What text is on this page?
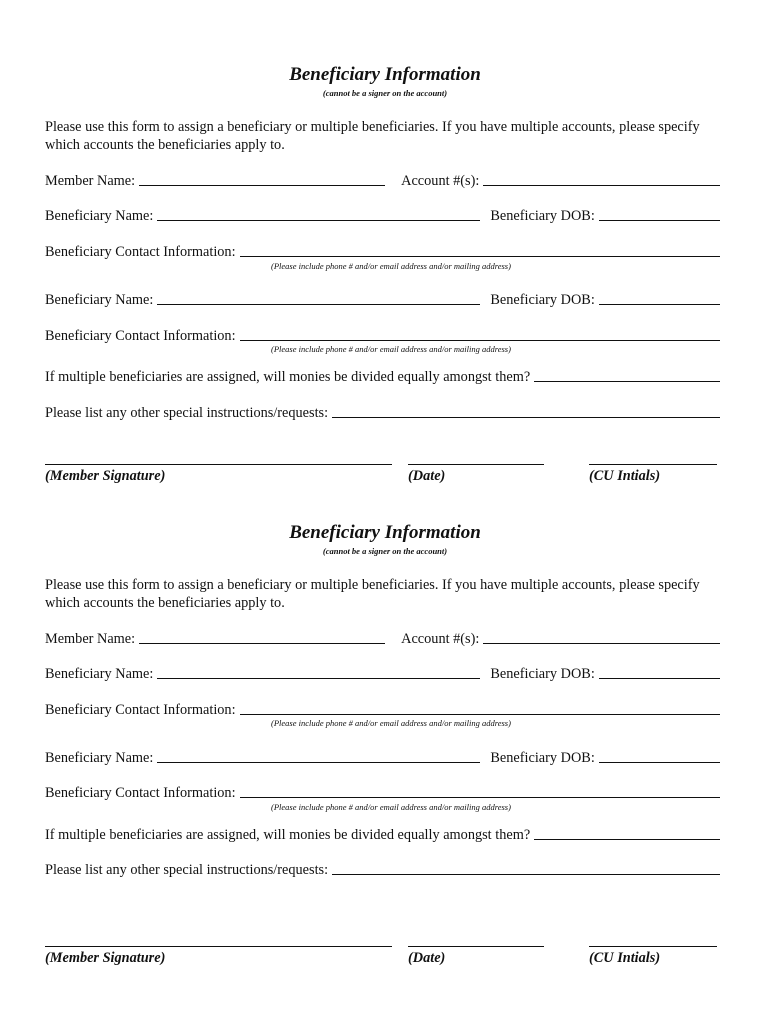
Beneficiary Information
(cannot be a signer on the account)
Please use this form to assign a beneficiary or multiple beneficiaries. If you have multiple accounts, please specify which accounts the beneficiaries apply to.
Member Name:	Account #(s):
Beneficiary Name:	Beneficiary DOB:
Beneficiary Contact Information:
(Please include phone # and/or email address and/or mailing address)
Beneficiary Name:	Beneficiary DOB:
Beneficiary Contact Information:
(Please include phone # and/or email address and/or mailing address)
If multiple beneficiaries are assigned, will monies be divided equally amongst them?
Please list any other special instructions/requests:
(Member Signature)	(Date)	(CU Intials)
Beneficiary Information
(cannot be a signer on the account)
Please use this form to assign a beneficiary or multiple beneficiaries. If you have multiple accounts, please specify which accounts the beneficiaries apply to.
Member Name:	Account #(s):
Beneficiary Name:	Beneficiary DOB:
Beneficiary Contact Information:
(Please include phone # and/or email address and/or mailing address)
Beneficiary Name:	Beneficiary DOB:
Beneficiary Contact Information:
(Please include phone # and/or email address and/or mailing address)
If multiple beneficiaries are assigned, will monies be divided equally amongst them?
Please list any other special instructions/requests:
(Member Signature)	(Date)	(CU Intials)
